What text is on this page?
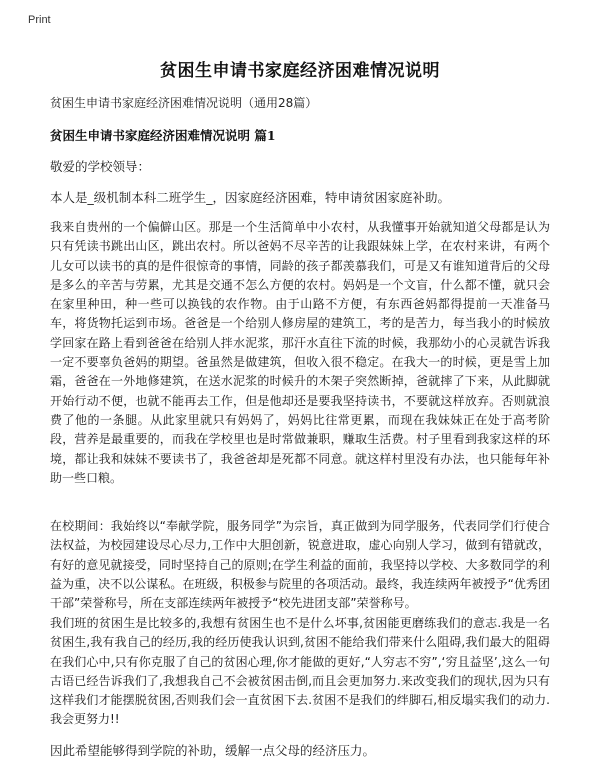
Print
贫困生申请书家庭经济困难情况说明
贫困生申请书家庭经济困难情况说明（通用28篇）
贫困生申请书家庭经济困难情况说明 篇1
敬爱的学校领导：
本人是_级机制本科二班学生_，因家庭经济困难，特申请贫困家庭补助。
我来自贵州的一个偏僻山区。那是一个生活简单中小农村，从我懂事开始就知道父母都是认为只有凭读书跳出山区，跳出农村。所以爸妈不尽辛苦的让我跟妹妹上学，在农村来讲，有两个儿女可以读书的真的是件很惊奇的事情，同龄的孩子都羡慕我们，可是又有谁知道背后的父母是多么的辛苦与劳累，尤其是交通不怎么方便的农村。妈妈是一个文盲，什么都不懂，就只会在家里种田，种一些可以换钱的农作物。由于山路不方便，有东西爸妈都得提前一天准备马车，将货物托运到市场。爸爸是一个给别人修房屋的建筑工，考的是苦力，每当我小的时候放学回家在路上看到爸爸在给别人拌水泥浆，那汗水直往下流的时候，我那幼小的心灵就告诉我一定不要辜负爸妈的期望。爸虽然是做建筑，但收入很不稳定。在我大一的时候，更是雪上加霜，爸爸在一外地修建筑，在送水泥浆的时候升的木架子突然断掉，爸就摔了下来，从此脚就开始行动不便，也就不能再去工作，但是他却还是要我坚持读书，不要就这样放弃。否则就浪费了他的一条腿。从此家里就只有妈妈了，妈妈比往常更累，而现在我妹妹正在处于高考阶段，营养是最重要的，而我在学校里也是时常做兼职，赚取生活费。村子里看到我家这样的环境，都让我和妹妹不要读书了，我爸爸却是死都不同意。就这样村里没有办法，也只能每年补助一些口粮。
在校期间：我始终以“奉献学院，服务同学”为宗旨，真正做到为同学服务，代表同学们行使合法权益，为校园建设尽心尽力,工作中大胆创新，锐意进取，虚心向别人学习，做到有错就改，有好的意见就接受，同时坚持自己的原则;在学生利益的面前，我坚持以学校、大多数同学的利益为重，决不以公谋私。在班级，积极参与院里的各项活动。最终，我连续两年被授予“优秀团干部”荣誉称号，所在支部连续两年被授予“校先进团支部”荣誉称号。
我们班的贫困生是比较多的,我想有贫困生也不是什么坏事,贫困能更磨练我们的意志.我是一名贫困生,我有我自己的经历,我的经历使我认识到,贫困不能给我们带来什么阻碍,我们最大的阻碍在我们心中,只有你克服了自己的贫困心理,你才能做的更好,“人穷志不穷”,‘穷且益坚’,这么一句古语已经告诉我们了,我想我自己不会被贫困击倒,而且会更加努力.来改变我们的现状,因为只有这样我们才能摆脱贫困,否则我们会一直贫困下去.贫困不是我们的绊脚石,相反塌实我们的动力.我会更努力!!
因此希望能够得到学院的补助，缓解一点父母的经济压力。
